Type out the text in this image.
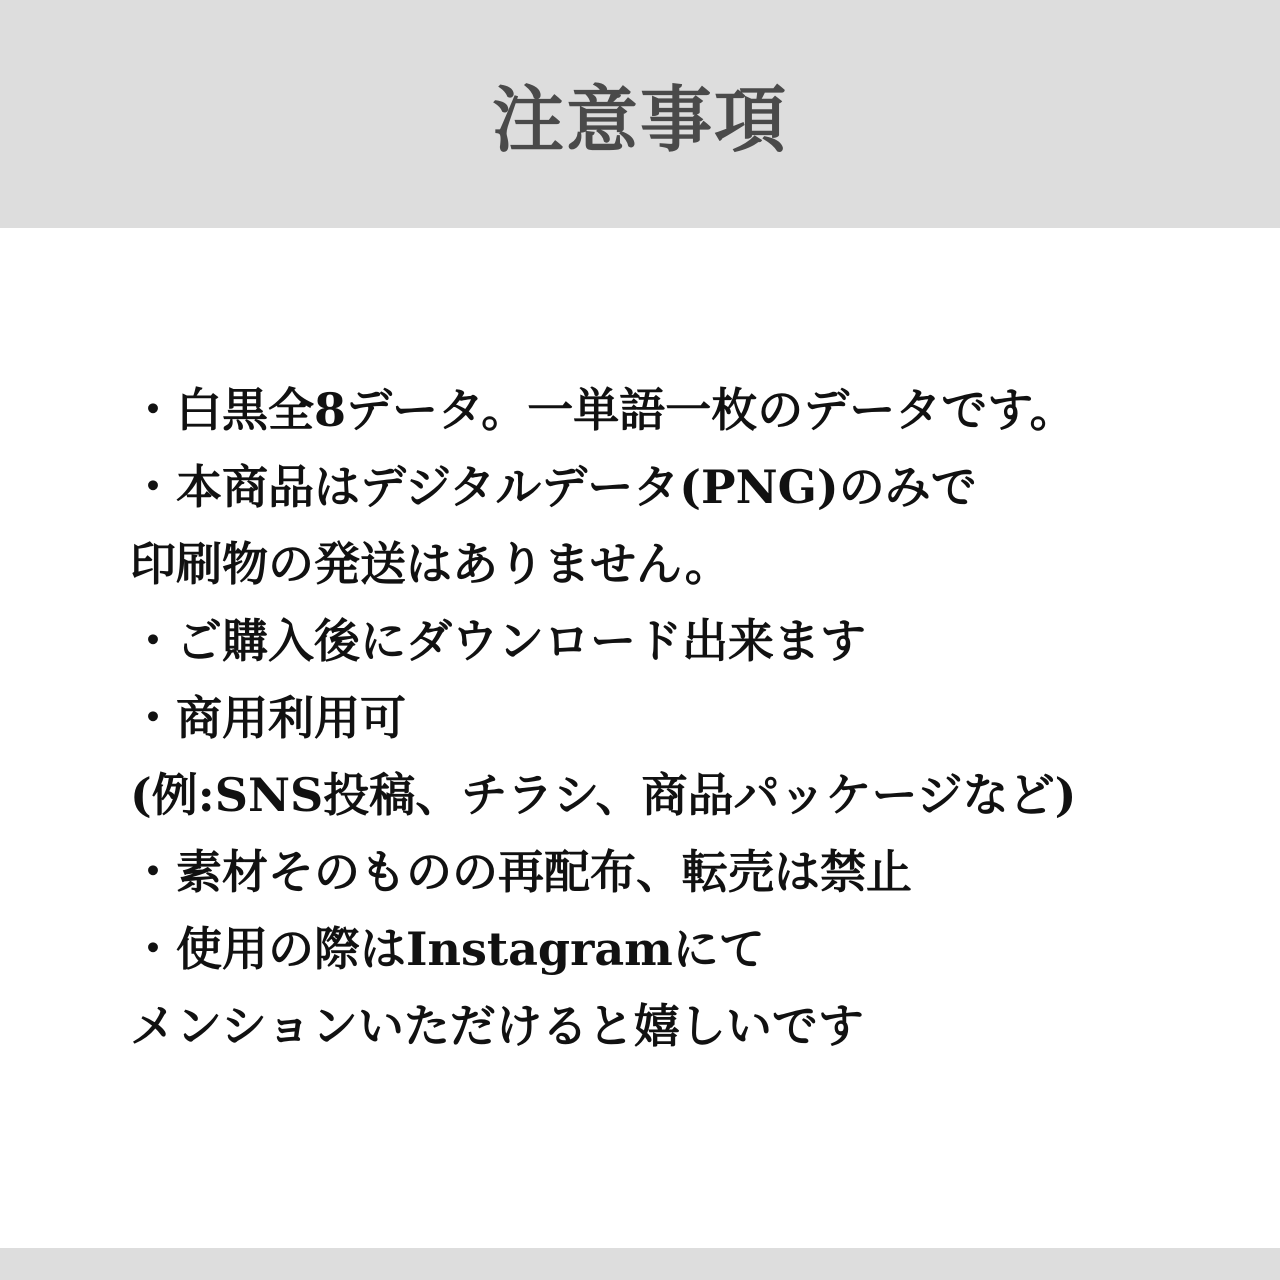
注意事項
・白黒全8データ。一単語一枚のデータです。
・本商品はデジタルデータ(PNG)のみで
印刷物の発送はありません。
・ご購入後にダウンロード出来ます
・商用利用可
(例:SNS投稿、チラシ、商品パッケージなど)
・素材そのものの再配布、転売は禁止
・使用の際はInstagramにて
メンションいただけると嬉しいです
